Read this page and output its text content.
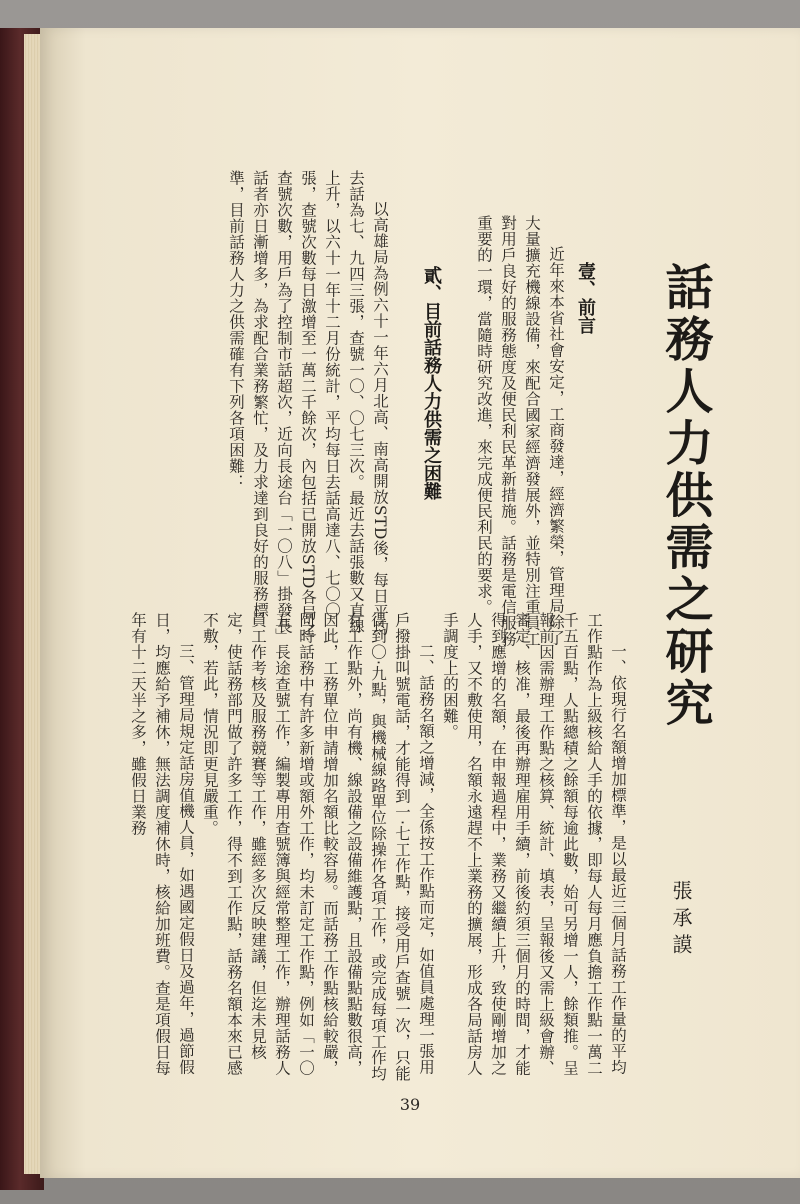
話務人力供需之研究
張承謨
壹、前言

近年來本省社會安定，工商發達，經濟繁榮，管理局除了大量擴充機線設備，來配合國家經濟發展外，並特別注重員工對用戶良好的服務態度及便民利民革新措施。話務是電信服務重要的一環，當隨時研究改進，來完成便民利民的要求。

貳、目前話務人力供需之困難

以高雄局為例六十一年六月北高、南高開放STD後，每日平均去話為七、九四三張，查號一〇、〇七三次。最近去話張數又直線上升，以六十一年十二月份統計，平均每日去話高達八、七〇〇張，查號次數每日激增至一萬二千餘次，內包括已開放STD各局之查號次數，用戶為了控制市話超次，近向長途台「一〇八」掛發長話者亦日漸增多，為求配合業務繁忙，及力求達到良好的服務標準，目前話務人力之供需確有下列各項困難：

一、依現行名額增加標準，是以最近三個月話務工作量的平均工作點作為上級核給人手的依據，即每人每月應負擔工作點一萬二千五百點，人點總積之餘額每逾此數，始可另增一人，餘類推。呈報前因需辦理工作點之核算、統計、填表，呈報後又需上級會辦、審定、核准，最後再辦理雇用手續，前後約須三個月的時間，才能得到應增的名額，在申報過程中，業務又繼續上升，致使剛增加之人手，又不敷使用，名額永遠趕不上業務的擴展，形成各局話房人手調度上的困難。

二、話務名額之增減，全係按工作點而定，如值員處理一張用戶撥掛叫號電話，才能得到一‧七工作點，接受用戶查號一次，只能得到〇‧九點，與機械線路單位除操作各項工作，或完成每項工作均有工作點外，尚有機、線設備之設備維護點，且設備點點數很高，因此，工務單位申請增加名額比較容易。而話務工作點核給較嚴，同時話務中有許多新增或額外工作，均未訂定工作點，例如「一〇五」長途查號工作，編製專用查號簿與經常整理工作，辦理話務人員工作考核及服務競賽等工作，雖經多次反映建議，但迄未見核定，使話務部門做了許多工作，得不到工作點，話務名額本來已感不敷，若此，情況即更見嚴重。

三、管理局規定話房值機人員，如遇國定假日及過年，過節假日，均應給予補休，無法調度補休時，核給加班費。查是項假日每年有十二天半之多，雖假日業務

39
